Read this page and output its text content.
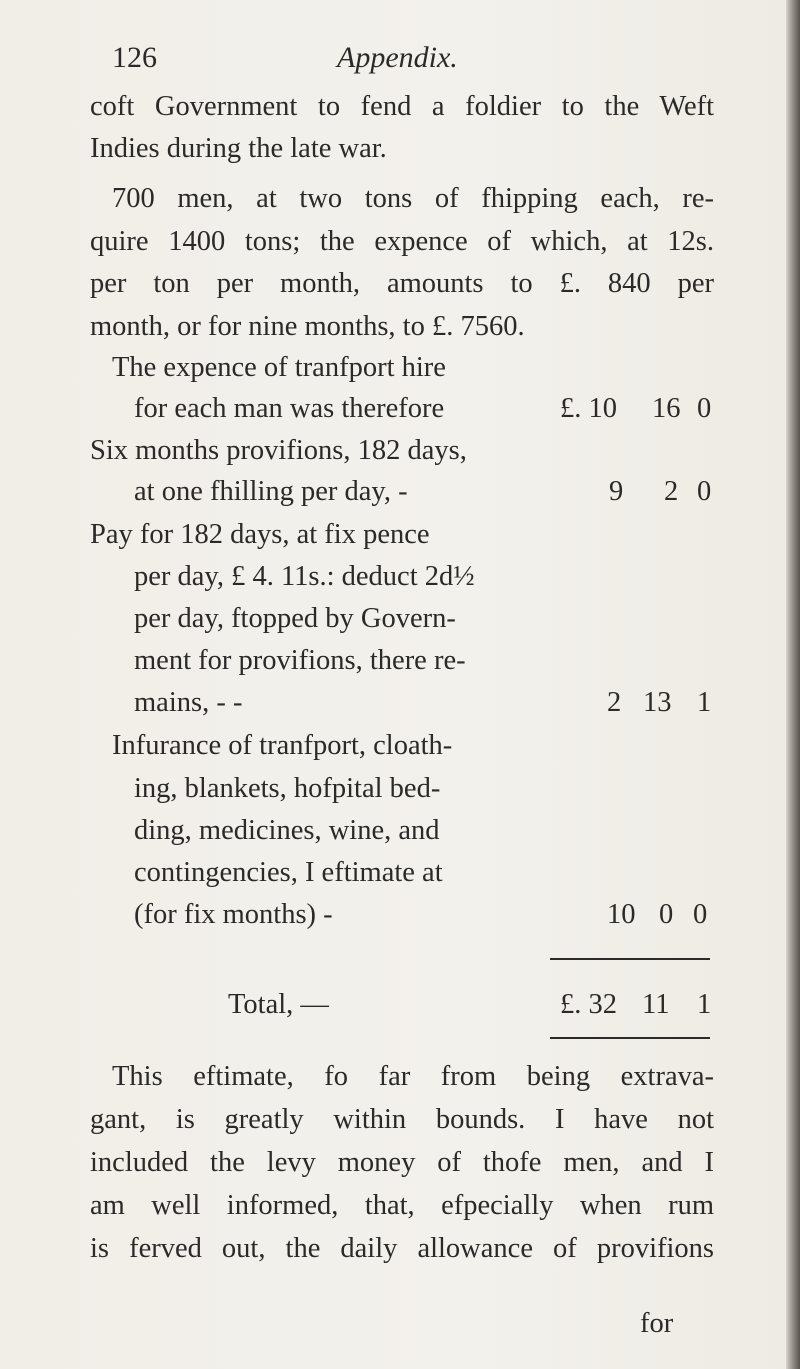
126	Appendix.
coft Government to fend a foldier to the Weft
Indies during the late war.
700 men, at two tons of fhipping each, re-
quire 1400 tons; the expence of which, at 12s.
per ton per month, amounts to £. 840 per
month, or for nine months, to £. 7560.
The expence of tranfport hire
for each man was therefore	£. 10 16 0
Six months provifions, 182 days,
at one fhilling per day, -	9 2 0
Pay for 182 days, at fix pence
per day, £ 4. 11s.: deduct 2d½
per day, ftopped by Govern-
ment for provifions, there re-
mains, - -	2 13 1
Infurance of tranfport, cloath-
ing, blankets, hofpital bed-
ding, medicines, wine, and
contingencies, I eftimate at
(for fix months) -	10 0 0
Total, —	£. 32 11 1
This eftimate, fo far from being extrava-
gant, is greatly within bounds. I have not
included the levy money of thofe men, and I
am well informed, that, efpecially when rum
is ferved out, the daily allowance of provifions
for
